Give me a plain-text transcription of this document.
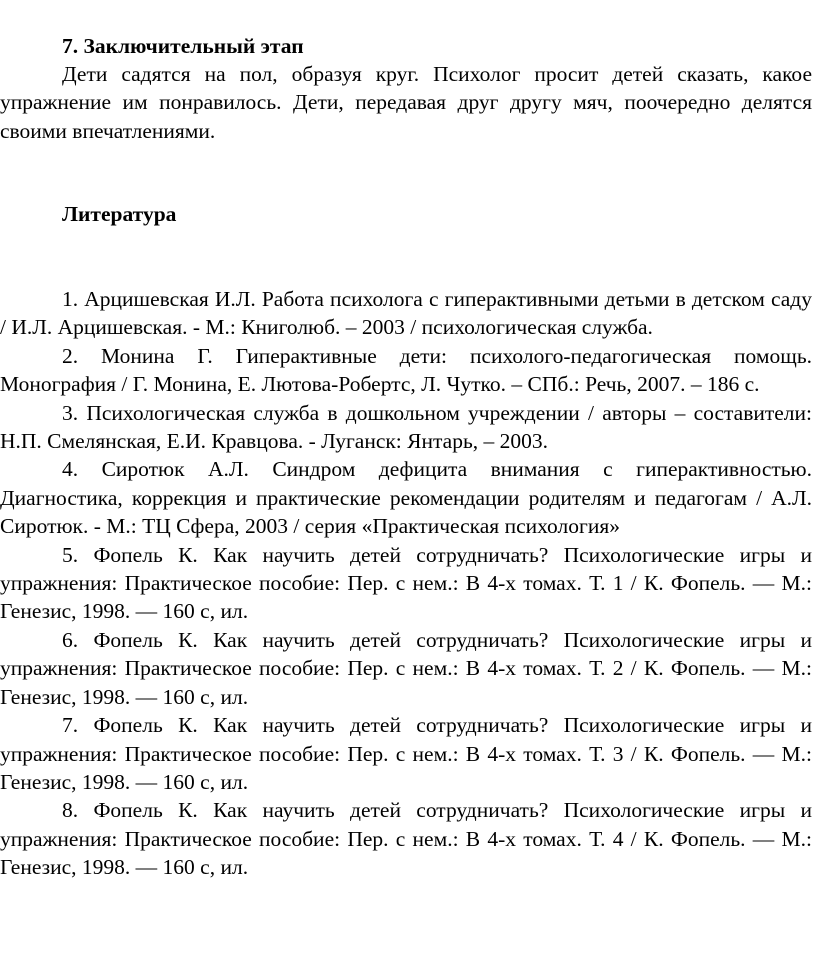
7. Заключительный этап

Дети садятся на пол, образуя круг. Психолог просит детей сказать, какое упражнение им понравилось. Дети, передавая друг другу мяч, поочередно делятся своими впечатлениями.

Литература

1. Арцишевская И.Л. Работа психолога с гиперактивными детьми в детском саду / И.Л. Арцишевская. - М.: Книголюб. – 2003 / психологическая служба.

2. Монина Г. Гиперактивные дети: психолого-педагогическая помощь. Монография / Г. Монина, Е. Лютова-Робертс, Л. Чутко. – СПб.: Речь, 2007. – 186 с.

3. Психологическая служба в дошкольном учреждении / авторы – составители: Н.П. Смелянская, Е.И. Кравцова. - Луганск: Янтарь, – 2003.

4. Сиротюк А.Л. Синдром дефицита внимания с гиперактивностью. Диагностика, коррекция и практические рекомендации родителям и педагогам / А.Л. Сиротюк. - М.: ТЦ Сфера, 2003 / серия «Практическая психология»

5. Фопель К. Как научить детей сотрудничать? Психологические игры и упражнения: Практическое пособие: Пер. с нем.: В 4-х томах. Т. 1 / К. Фопель. — М.: Генезис, 1998. — 160 с, ил.

6. Фопель К. Как научить детей сотрудничать? Психологические игры и упражнения: Практическое пособие: Пер. с нем.: В 4-х томах. Т. 2 / К. Фопель. — М.: Генезис, 1998. — 160 с, ил.

7. Фопель К. Как научить детей сотрудничать? Психологические игры и упражнения: Практическое пособие: Пер. с нем.: В 4-х томах. Т. 3 / К. Фопель. — М.: Генезис, 1998. — 160 с, ил.

8. Фопель К. Как научить детей сотрудничать? Психологические игры и упражнения: Практическое пособие: Пер. с нем.: В 4-х томах. Т. 4 / К. Фопель. — М.: Генезис, 1998. — 160 с, ил.
